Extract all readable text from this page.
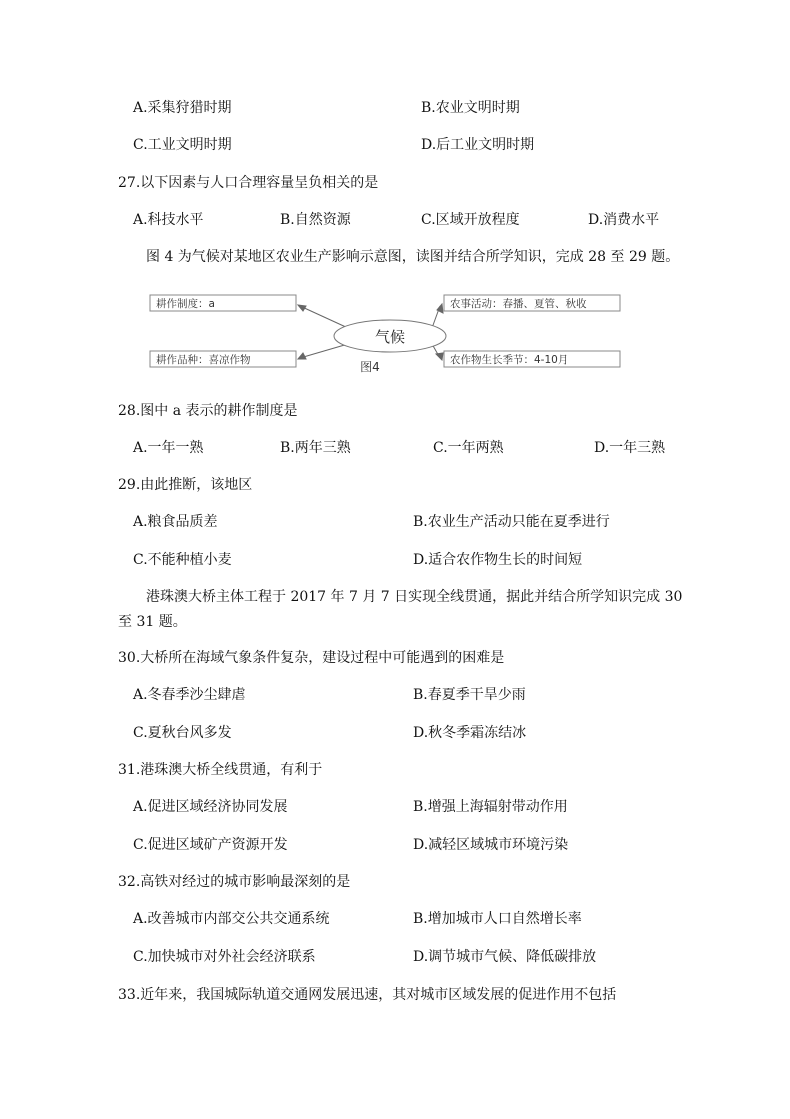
A.采集狩猎时期	B.农业文明时期
C.工业文明时期	D.后工业文明时期
27.以下因素与人口合理容量呈负相关的是
A.科技水平	B.自然资源	C.区域开放程度	D.消费水平
图 4 为气候对某地区农业生产影响示意图，读图并结合所学知识，完成 28 至 29 题。
耕作制度：a
耕作品种：喜凉作物
农事活动：春播、夏管、秋收
农作物生长季节：4-10月
气候
图4
28.图中 a 表示的耕作制度是
A.一年一熟	B.两年三熟	C.一年两熟	D.一年三熟
29.由此推断，该地区
A.粮食品质差	B.农业生产活动只能在夏季进行
C.不能种植小麦	D.适合农作物生长的时间短
港珠澳大桥主体工程于 2017 年 7 月 7 日实现全线贯通，据此并结合所学知识完成 30
至 31 题。
30.大桥所在海域气象条件复杂，建设过程中可能遇到的困难是
A.冬春季沙尘肆虐	B.春夏季干旱少雨
C.夏秋台风多发	D.秋冬季霜冻结冰
31.港珠澳大桥全线贯通，有利于
A.促进区域经济协同发展	B.增强上海辐射带动作用
C.促进区域矿产资源开发	D.减轻区域城市环境污染
32.高铁对经过的城市影响最深刻的是
A.改善城市内部交公共交通系统	B.增加城市人口自然增长率
C.加快城市对外社会经济联系	D.调节城市气候、降低碳排放
33.近年来，我国城际轨道交通网发展迅速，其对城市区域发展的促进作用不包括
